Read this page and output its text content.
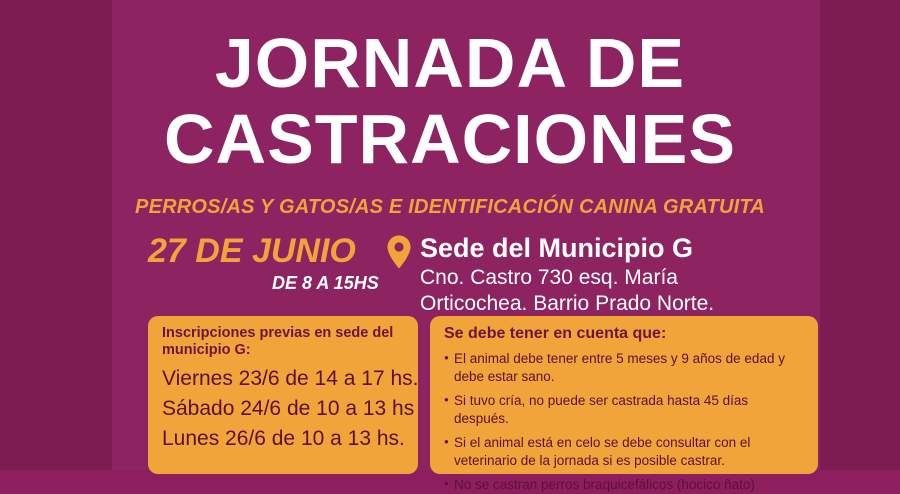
JORNADA DE
CASTRACIONES
PERROS/AS Y GATOS/AS E IDENTIFICACIÓN CANINA GRATUITA
27 DE JUNIO
DE 8 A 15HS
Sede del Municipio G
Cno. Castro 730 esq. María
Orticochea. Barrio Prado Norte.
Inscripciones previas en sede del municipio G:
Viernes 23/6 de 14 a 17 hs.
Sábado 24/6 de 10 a 13 hs
Lunes 26/6 de 10 a 13 hs.
Se debe tener en cuenta que:
● El animal debe tener entre 5 meses y 9 años de edad y debe estar sano.
● Si tuvo cría, no puede ser castrada hasta 45 días después.
● Si el animal está en celo se debe consultar con el veterinario de la jornada si es posible castrar.
● No se castran perros braquicefálicos (hocico ñato)
